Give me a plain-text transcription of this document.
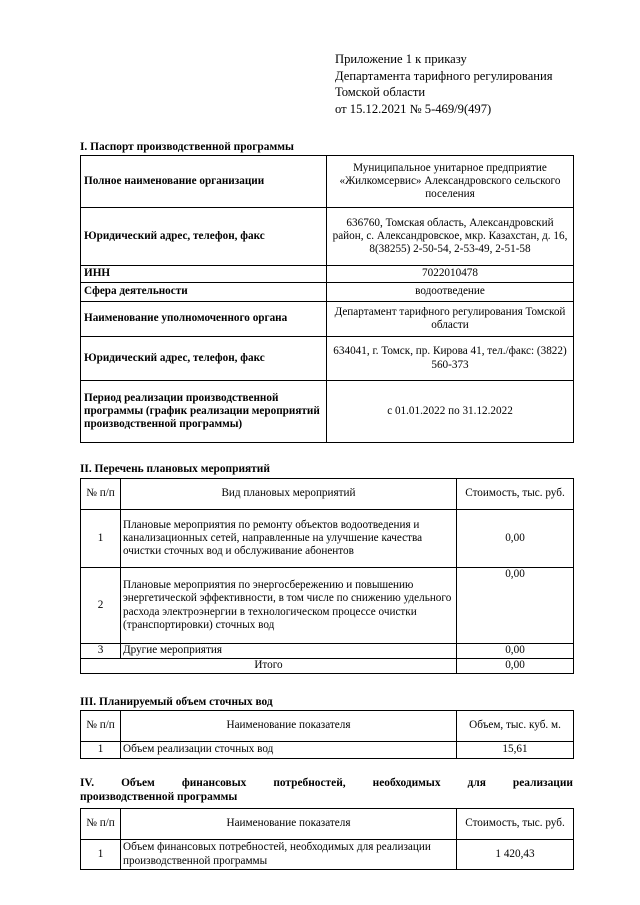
Приложение 1 к приказу
Департамента тарифного регулирования
Томской области
от 15.12.2021 № 5-469/9(497)
I. Паспорт производственной программы
Полное наименование организации	Муниципальное унитарное предприятие «Жилкомсервис» Александровского сельского поселения
Юридический адрес, телефон, факс	636760, Томская область, Александровский район, с. Александровское, мкр. Казахстан, д. 16, 8(38255) 2-50-54, 2-53-49, 2-51-58
ИНН	7022010478
Сфера деятельности	водоотведение
Наименование уполномоченного органа	Департамент тарифного регулирования Томской области
Юридический адрес, телефон, факс	634041, г. Томск, пр. Кирова 41, тел./факс: (3822) 560-373
Период реализации производственной программы (график реализации мероприятий производственной программы)	с 01.01.2022 по 31.12.2022
II. Перечень плановых мероприятий
№ п/п	Вид плановых мероприятий	Стоимость, тыс. руб.
1	Плановые мероприятия по ремонту объектов водоотведения и канализационных сетей, направленные на улучшение качества очистки сточных вод и обслуживание абонентов	0,00
2	Плановые мероприятия по энергосбережению и повышению энергетической эффективности, в том числе по снижению удельного расхода электроэнергии в технологическом процессе очистки (транспортировки) сточных вод	0,00
3	Другие мероприятия	0,00
Итого		0,00
III. Планируемый объем сточных вод
№ п/п	Наименование показателя	Объем, тыс. куб. м.
1	Объем реализации сточных вод	15,61
IV. Объем финансовых потребностей, необходимых для реализации
производственной программы
№ п/п	Наименование показателя	Стоимость, тыс. руб.
1	Объем финансовых потребностей, необходимых для реализации производственной программы	1 420,43
